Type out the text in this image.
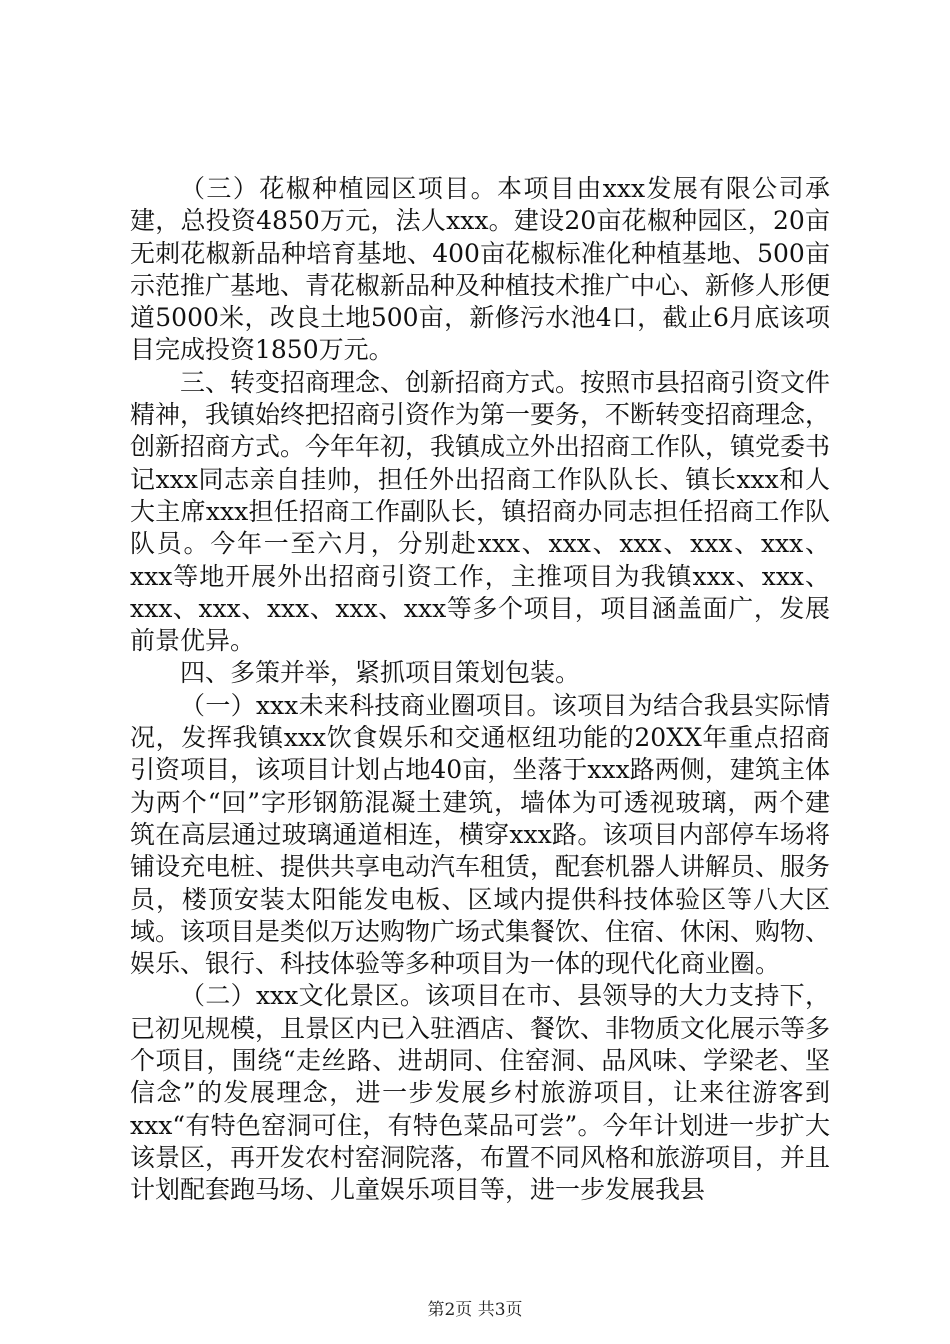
（三）花椒种植园区项目。本项目由xxx发展有限公司承建，总投资4850万元，法人xxx。建设20亩花椒种园区，20亩无刺花椒新品种培育基地、400亩花椒标准化种植基地、500亩示范推广基地、青花椒新品种及种植技术推广中心、新修人形便道5000米，改良土地500亩，新修污水池4口，截止6月底该项目完成投资1850万元。

三、转变招商理念、创新招商方式。按照市县招商引资文件精神，我镇始终把招商引资作为第一要务，不断转变招商理念，创新招商方式。今年年初，我镇成立外出招商工作队，镇党委书记xxx同志亲自挂帅，担任外出招商工作队队长、镇长xxx和人大主席xxx担任招商工作副队长，镇招商办同志担任招商工作队队员。今年一至六月，分别赴xxx、xxx、xxx、xxx、xxx、xxx等地开展外出招商引资工作，主推项目为我镇xxx、xxx、xxx、xxx、xxx、xxx、xxx等多个项目，项目涵盖面广，发展前景优异。

四、多策并举，紧抓项目策划包装。

（一）xxx未来科技商业圈项目。该项目为结合我县实际情况，发挥我镇xxx饮食娱乐和交通枢纽功能的20XX年重点招商引资项目，该项目计划占地40亩，坐落于xxx路两侧，建筑主体为两个“回”字形钢筋混凝土建筑，墙体为可透视玻璃，两个建筑在高层通过玻璃通道相连，横穿xxx路。该项目内部停车场将铺设充电桩、提供共享电动汽车租赁，配套机器人讲解员、服务员，楼顶安装太阳能发电板、区域内提供科技体验区等八大区域。该项目是类似万达购物广场式集餐饮、住宿、休闲、购物、娱乐、银行、科技体验等多种项目为一体的现代化商业圈。

（二）xxx文化景区。该项目在市、县领导的大力支持下，已初见规模，且景区内已入驻酒店、餐饮、非物质文化展示等多个项目，围绕“走丝路、进胡同、住窑洞、品风味、学梁老、坚信念”的发展理念，进一步发展乡村旅游项目，让来往游客到xxx“有特色窑洞可住，有特色菜品可尝”。今年计划进一步扩大该景区，再开发农村窑洞院落，布置不同风格和旅游项目，并且计划配套跑马场、儿童娱乐项目等，进一步发展我县

第2页 共3页
